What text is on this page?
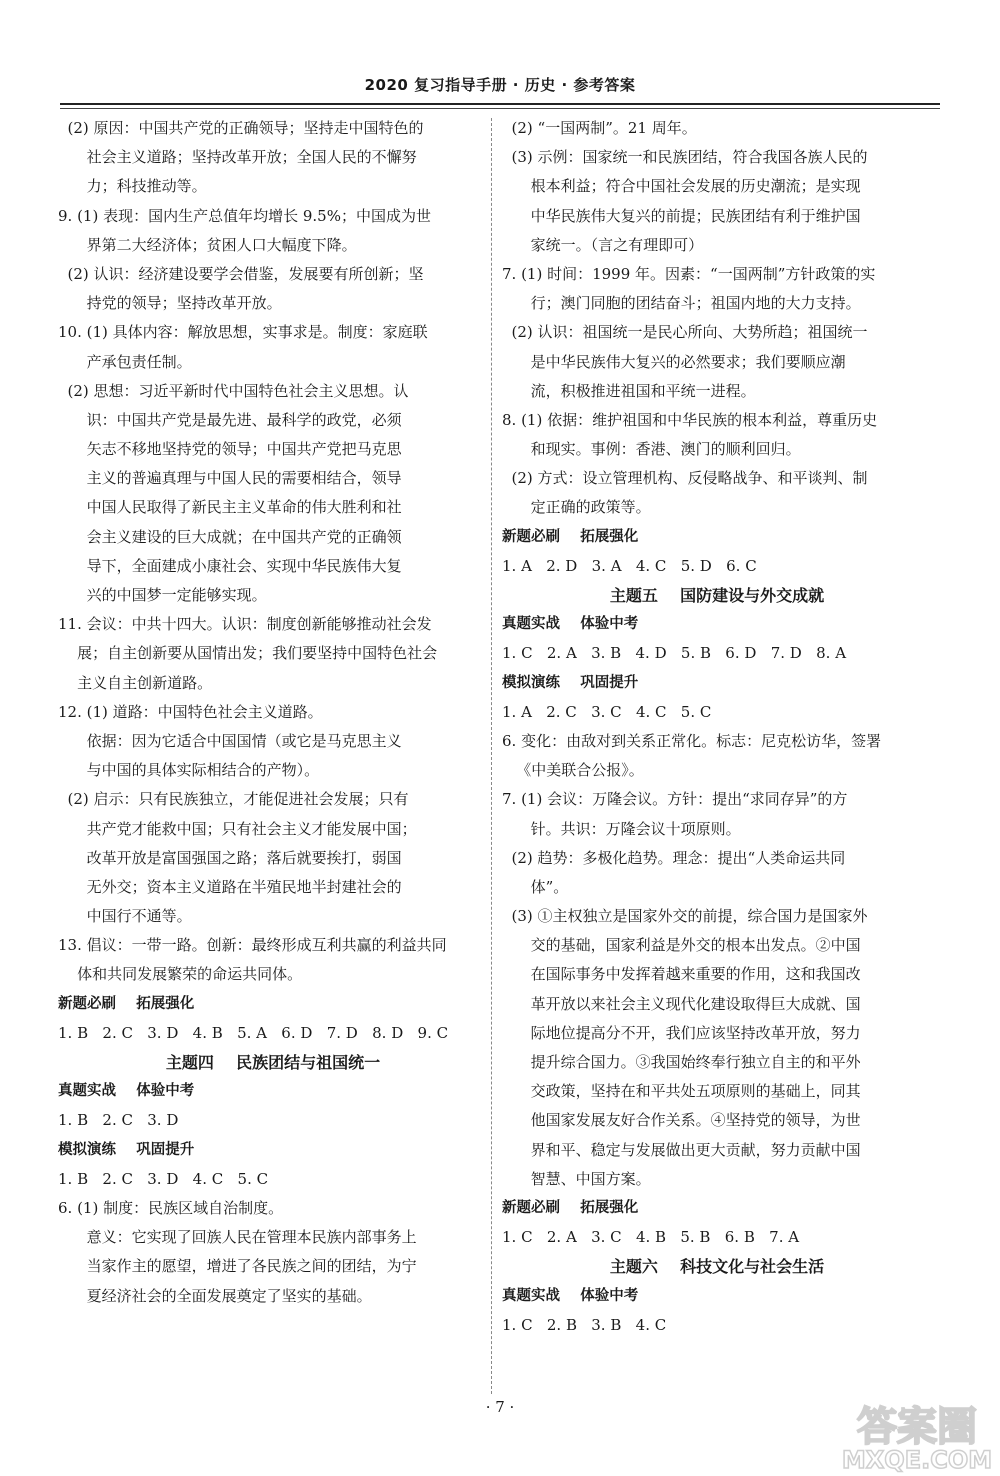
2020 复习指导手册 · 历史 · 参考答案
(2) 原因：中国共产党的正确领导；坚持走中国特色的
社会主义道路；坚持改革开放；全国人民的不懈努
力；科技推动等。
9. (1) 表现：国内生产总值年均增长 9.5%；中国成为世
界第二大经济体；贫困人口大幅度下降。
(2) 认识：经济建设要学会借鉴，发展要有所创新；坚
持党的领导；坚持改革开放。
10. (1) 具体内容：解放思想，实事求是。制度：家庭联
产承包责任制。
(2) 思想：习近平新时代中国特色社会主义思想。认
识：中国共产党是最先进、最科学的政党，必须
矢志不移地坚持党的领导；中国共产党把马克思
主义的普遍真理与中国人民的需要相结合，领导
中国人民取得了新民主主义革命的伟大胜利和社
会主义建设的巨大成就；在中国共产党的正确领
导下，全面建成小康社会、实现中华民族伟大复
兴的中国梦一定能够实现。
11. 会议：中共十四大。认识：制度创新能够推动社会发
展；自主创新要从国情出发；我们要坚持中国特色社会
主义自主创新道路。
12. (1) 道路：中国特色社会主义道路。
依据：因为它适合中国国情（或它是马克思主义
与中国的具体实际相结合的产物）。
(2) 启示：只有民族独立，才能促进社会发展；只有
共产党才能救中国；只有社会主义才能发展中国；
改革开放是富国强国之路；落后就要挨打，弱国
无外交；资本主义道路在半殖民地半封建社会的
中国行不通等。
13. 倡议：一带一路。创新：最终形成互利共赢的利益共同
体和共同发展繁荣的命运共同体。
新题必刷    拓展强化
1. B   2. C   3. D   4. B   5. A   6. D   7. D   8. D   9. C
主题四    民族团结与祖国统一
真题实战    体验中考
1. B   2. C   3. D
模拟演练    巩固提升
1. B   2. C   3. D   4. C   5. C
6. (1) 制度：民族区域自治制度。
意义：它实现了回族人民在管理本民族内部事务上
当家作主的愿望，增进了各民族之间的团结，为宁
夏经济社会的全面发展奠定了坚实的基础。
(2) “一国两制”。21 周年。
(3) 示例：国家统一和民族团结，符合我国各族人民的
根本利益；符合中国社会发展的历史潮流；是实现
中华民族伟大复兴的前提；民族团结有利于维护国
家统一。（言之有理即可）
7. (1) 时间：1999 年。因素：“一国两制”方针政策的实
行；澳门同胞的团结奋斗；祖国内地的大力支持。
(2) 认识：祖国统一是民心所向、大势所趋；祖国统一
是中华民族伟大复兴的必然要求；我们要顺应潮
流，积极推进祖国和平统一进程。
8. (1) 依据：维护祖国和中华民族的根本利益，尊重历史
和现实。事例：香港、澳门的顺利回归。
(2) 方式：设立管理机构、反侵略战争、和平谈判、制
定正确的政策等。
新题必刷    拓展强化
1. A   2. D   3. A   4. C   5. D   6. C
主题五    国防建设与外交成就
真题实战    体验中考
1. C   2. A   3. B   4. D   5. B   6. D   7. D   8. A
模拟演练    巩固提升
1. A   2. C   3. C   4. C   5. C
6. 变化：由敌对到关系正常化。标志：尼克松访华，签署
《中美联合公报》。
7. (1) 会议：万隆会议。方针：提出“求同存异”的方
针。共识：万隆会议十项原则。
(2) 趋势：多极化趋势。理念：提出“人类命运共同
体”。
(3) ①主权独立是国家外交的前提，综合国力是国家外
交的基础，国家利益是外交的根本出发点。②中国
在国际事务中发挥着越来重要的作用，这和我国改
革开放以来社会主义现代化建设取得巨大成就、国
际地位提高分不开，我们应该坚持改革开放，努力
提升综合国力。③我国始终奉行独立自主的和平外
交政策，坚持在和平共处五项原则的基础上，同其
他国家发展友好合作关系。④坚持党的领导，为世
界和平、稳定与发展做出更大贡献，努力贡献中国
智慧、中国方案。
新题必刷    拓展强化
1. C   2. A   3. C   4. B   5. B   6. B   7. A
主题六    科技文化与社会生活
真题实战    体验中考
1. C   2. B   3. B   4. C
· 7 ·	答案圈
MXQE.COM
